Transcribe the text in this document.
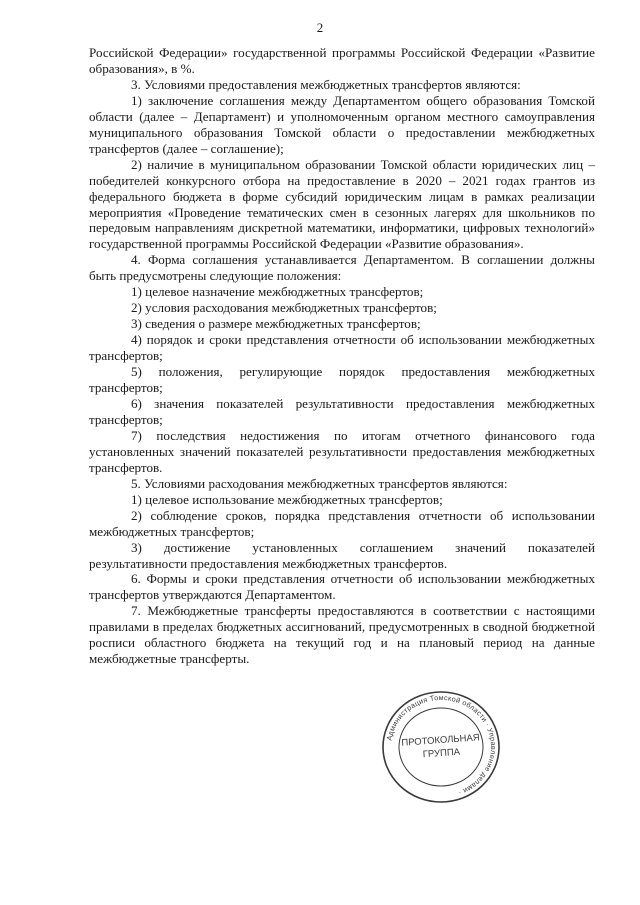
2

Российской Федерации» государственной программы Российской Федерации «Развитие образования», в %.

3. Условиями предоставления межбюджетных трансфертов являются:

1) заключение соглашения между Департаментом общего образования Томской области (далее – Департамент) и уполномоченным органом местного самоуправления муниципального образования Томской области о предоставлении межбюджетных трансфертов (далее – соглашение);

2) наличие в муниципальном образовании Томской области юридических лиц – победителей конкурсного отбора на предоставление в 2020 – 2021 годах грантов из федерального бюджета в форме субсидий юридическим лицам в рамках реализации мероприятия «Проведение тематических смен в сезонных лагерях для школьников по передовым направлениям дискретной математики, информатики, цифровых технологий» государственной программы Российской Федерации «Развитие образования».

4. Форма соглашения устанавливается Департаментом. В соглашении должны быть предусмотрены следующие положения:

1) целевое назначение межбюджетных трансфертов;

2) условия расходования межбюджетных трансфертов;

3) сведения о размере межбюджетных трансфертов;

4) порядок и сроки представления отчетности об использовании межбюджетных трансфертов;

5) положения, регулирующие порядок предоставления межбюджетных трансфертов;

6) значения показателей результативности предоставления межбюджетных трансфертов;

7) последствия недостижения по итогам отчетного финансового года установленных значений показателей результативности предоставления межбюджетных трансфертов.

5. Условиями расходования межбюджетных трансфертов являются:

1) целевое использование межбюджетных трансфертов;

2) соблюдение сроков, порядка представления отчетности об использовании межбюджетных трансфертов;

3) достижение установленных соглашением значений показателей результативности предоставления межбюджетных трансфертов.

6. Формы и сроки представления отчетности об использовании межбюджетных трансфертов утверждаются Департаментом.

7. Межбюджетные трансферты предоставляются в соответствии с настоящими правилами в пределах бюджетных ассигнований, предусмотренных в сводной бюджетной росписи областного бюджета на текущий год и на плановый период на данные межбюджетные трансферты.

Администрация Томской области · Управление делами ·
ПРОТОКОЛЬНАЯ
ГРУППА
